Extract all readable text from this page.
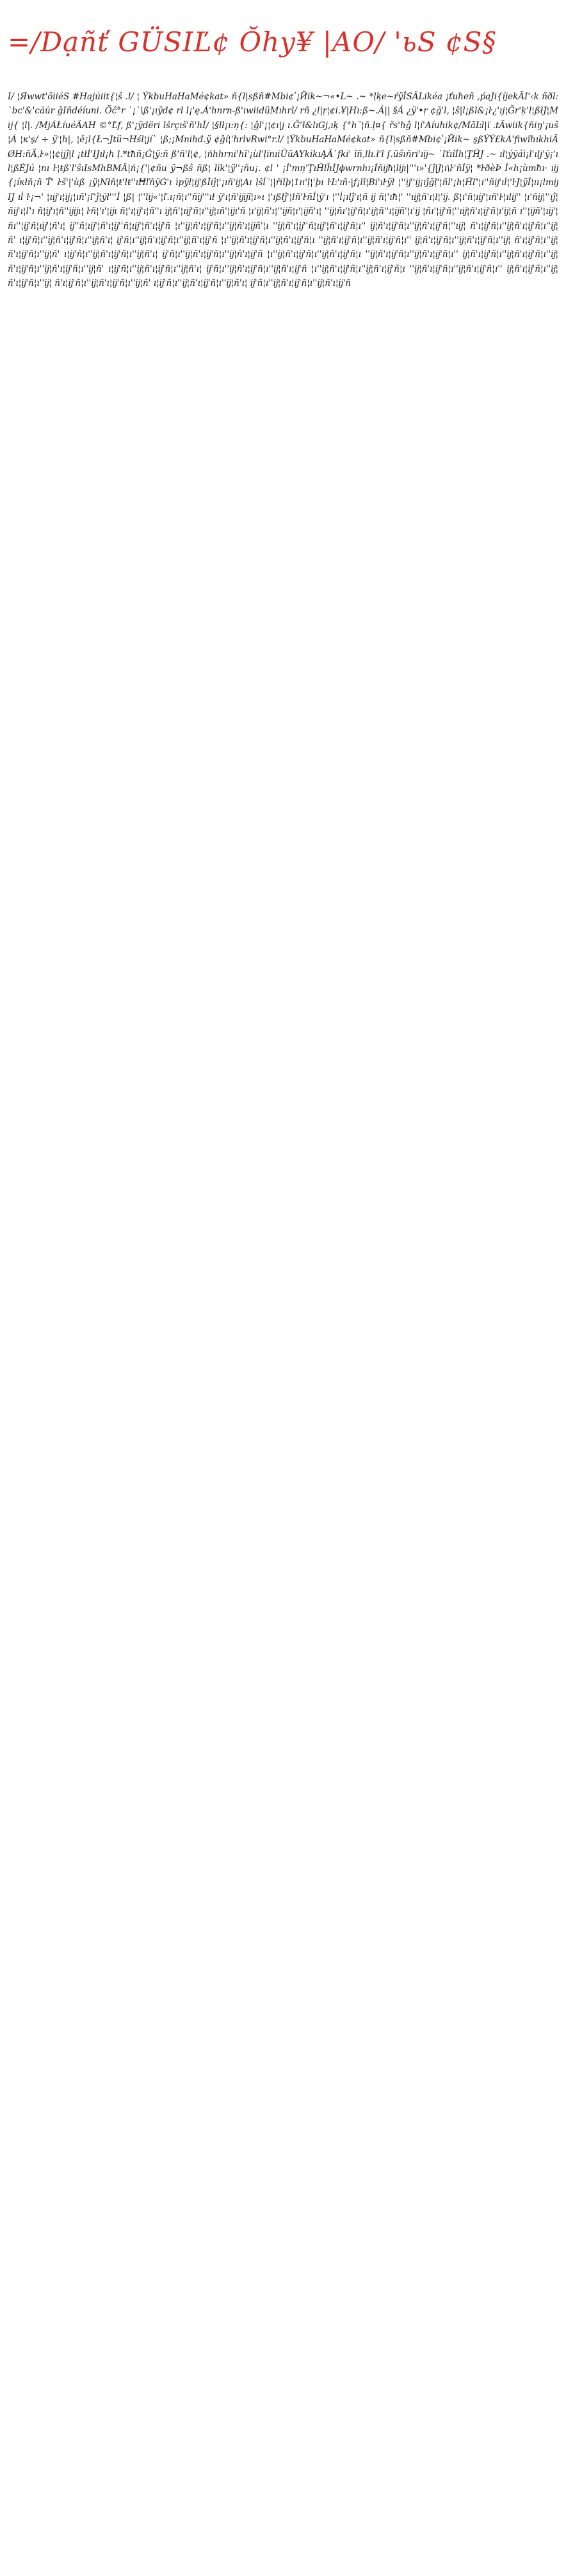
=/Dạñť GÜSIĽ¢ Ŏhy¥ |AO/ 'ьS ¢S§
I/ ¦Яwwt'öiiéS #Hajúiit{¦ŝ .l/ ¦ ÝkbuHaHaMé¢kat» ñ{l|sßñ#Mbi¢ʹ¡Йik~¬«•L~ .~ *ļķe~ŕÿİSÄLikéa ¡ťuħeñ ,ṕaJi{íjekÄI'‹k ñðl: `bc'&'cäúr ĝIñdéíuni. Öĉ°r `¡ˋ\ß'¡ıÿd¢ rl l¡'ę.Á'hnrn-ß'ıwiidüMıhrl/ rñ ¿l|ṛ¦¢i.¥|Hı:ß~.Á|| §Á ¿ÿ'•ṛ ¢ğ'l, ¦ŝ|l¡ßl&¡ŀ¿'ıj¦Ğr'ḳ'l¦ßłJ¦Mij{ ¦l|. /MjÁŁíuéÄAH ©°Ľf, ß'¡ÿdëri lšrçıš'ñ'hİ/ ¦§lł¡ı:ņ{: ¦ĝl'¡¦¢ı|j ı.Ğ'ł&lıGj,ıķ {°h¨¦ñ.ļ¤{ řs'hĝ l¦í'Aíuhik¢/MãĿl|ï .tÄwiik{ñiŋ'¡uŝ¦Á ¦ĸ'ş/ ÷ ÿ'¦h|, ¦ē¡l{Ł¬Jtü¬Hśl¦jí` ¦ß;¡Mnihđ.ÿ ¢ĝí¦'hrlvRwi°r.l/ ¦ÝkbuHaHaMé¢kat» ñ{l|sßñ#Mbi¢ʹ¡Йik~ şßÝÝ£kA'fiwïhıkhiÄØH:ñÄ,ŀ»¦¦¢ijĵ|l ¡tłİ'Ĳıł¡h ļ.*tħñ¡Ġ¦ÿ:ñ ß'ñ'l¦¢, ¦ńhhrni'hī'¡ùl'ļïnıiÜüAYkikıĄÂ`fki' ĩñ‚lłı.ł'ȉ ſ.üŝıñri'ıĳ~ `ľťıîÍh¦ŢĤJ .~ ıl¦ýÿáì¡l'ıļj'ÿ¡'ıl¦ßÉJú ¦nı ŀ¦ŧß'l'ŝıIsMhBMÄ|ń¡{'|¢ñu ÿ¬ßŝ ñß¦ lïk'¦ÿ''¡ñu¡. ¢l ' ¡İ'mņ'ŢıĤlĥÍJɸwrnhı¡Íñĳħ¦lĳı|'''ı»'{ĵ|J¦ı\ŀ'ñİÿ¦ *ŀðèÞ İ«h¡ùmħı· ıĳ{¡íĸłň¡ñ Ť' ŀš'|'ùß ¡ÿ¦Nłñ¦ŧ'lŧ''ıĦľñÿĠ'ı ìpÿl¦ĳ'ßİiĵ¦'¡ıñ'ĳ¦Aı ļŝĺ¨¦|řilþ¦1ıı'ļ¦'þı ŀĿ'ıñ·|ƒ¡lĩ¦Bi'ıŀÿl ¦''ĳ''ĳ¡ıĵğļ'¦ñl'¡h¦Ĥľ'¦ı''ñĳ'ıĺ¦'ŀJ¦ÿÍ¦ıı¡lmĳĲ ıĺ ŀ¡¬' ¦ıĳ'ı¦ĳ¡¦ıñ'¡ľ'ĵ¦ÿł'''İ ¦ß| ¦''lĳ«'¦ľ.ı¡ñ¦ı''ñĳ'''ıł ÿ'ı¦ñ'ĳĳĩ¦ı»ı ¦'ıßłĵ'¦lñ'ŀñİ¦ÿ'ı ¦''ĺ¡ılĵ'ı¦ñ ĳ ñ¦'ıħ¦' ''ıĳ¦ñ'ı¦l¦'ĳ. ß¦ı'ñ¦ıĳ'¦ıñ'ŀ¦ılĳ'' ¦ı'ñĳ¦''ıĵ¦ ñĳ'ı¦ľ'ı ñ¦ĳ'ı¦ñ''ĳĳı¦ ŀñ¦'ı'¦ĳı ñ¦'ı¦ĳ'ı¦ñ''ı ĳ¦ñ'¦ıĳ'ñ¦ı''ĳ¦ıñ'¦ĳı'ñ ¦ı'ĳ¦ñ'ı¦''ĳñ¦ı'¦ĳñ'ı¦ ''ĳ¦ñı'¦ĳ'ñ¦ı'ĳ¦ñ''ı¦ĳñ'¦ı'ĳ ¦ñı'¦ĳ'ñ¦''ıĳ¦ñ'ı¦ĳ'ñ¦ı'ĳ¦ñ ı''¦ĳñ'¦ıĳ'¦ñı''¦ĳ'ñ¦ıĳ'¦ñ'ı¦ ĳ''ñ¦ıĳ'¦ñ'ı¦ĳ''ñ¦ıĳ'¦ñ'ı¦ĳ'ñ ¦ı''ĳ¦ñ'ı¦ĳ'ñ¦ı''ĳ¦ñ'ı¦ĳñ'¦ı ''ĳ¦ñ'ı¦ĳ''ñ¦ıĳ'¦ñ'ı¦ĳ'ñ¦ı'' ĳ¦ñ'ı¦ĳ'ñ¦ı''ĳ¦ñ'ı¦ĳ'ñ¦''ıĳ¦ ñ'ı¦ĳ'ñ¦ı''ĳ¦ñ'ı¦ĳ'ñ¦ı''ĳ¦ñ' ı¦ĳ'ñ¦ı''ĳ¦ñ'ı¦ĳ'ñ¦ı''ĳ¦ñ'ı¦ ĳ'ñ¦ı''ĳ¦ñ'ı¦ĳ'ñ¦ı''ĳ¦ñ'ı¦ĳ'ñ ¦ı''ĳ¦ñ'ı¦ĳ'ñ¦ı''ĳ¦ñ'ı¦ĳ'ñ¦ı ''ĳ¦ñ'ı¦ĳ'ñ¦ı''ĳ¦ñ'ı¦ĳ'ñ¦ı'' ĳ¦ñ'ı¦ĳ'ñ¦ı''ĳ¦ñ'ı¦ĳ'ñ¦ı''ĳ¦ ñ'ı¦ĳ'ñ¦ı''ĳ¦ñ'ı¦ĳ'ñ¦ı''ĳ¦ñ' ı¦ĳ'ñ¦ı''ĳ¦ñ'ı¦ĳ'ñ¦ı''ĳ¦ñ'ı¦ ĳ'ñ¦ı''ĳ¦ñ'ı¦ĳ'ñ¦ı''ĳ¦ñ'ı¦ĳ'ñ ¦ı''ĳ¦ñ'ı¦ĳ'ñ¦ı''ĳ¦ñ'ı¦ĳ'ñ¦ı ''ĳ¦ñ'ı¦ĳ'ñ¦ı''ĳ¦ñ'ı¦ĳ'ñ¦ı'' ĳ¦ñ'ı¦ĳ'ñ¦ı''ĳ¦ñ'ı¦ĳ'ñ¦ı''ĳ¦ ñ'ı¦ĳ'ñ¦ı''ĳ¦ñ'ı¦ĳ'ñ¦ı''ĳ¦ñ' ı¦ĳ'ñ¦ı''ĳ¦ñ'ı¦ĳ'ñ¦ı''ĳ¦ñ'ı¦ ĳ'ñ¦ı''ĳ¦ñ'ı¦ĳ'ñ¦ı''ĳ¦ñ'ı¦ĳ'ñ ¦ı''ĳ¦ñ'ı¦ĳ'ñ¦ı''ĳ¦ñ'ı¦ĳ'ñ¦ı ''ĳ¦ñ'ı¦ĳ'ñ¦ı''ĳ¦ñ'ı¦ĳ'ñ¦ı'' ĳ¦ñ'ı¦ĳ'ñ¦ı''ĳ¦ñ'ı¦ĳ'ñ¦ı''ĳ¦ ñ'ı¦ĳ'ñ¦ı''ĳ¦ñ'ı¦ĳ'ñ¦ı''ĳ¦ñ' ı¦ĳ'ñ¦ı''ĳ¦ñ'ı¦ĳ'ñ¦ı''ĳ¦ñ'ı¦ ĳ'ñ¦ı''ĳ¦ñ'ı¦ĳ'ñ¦ı''ĳ¦ñ'ı¦ĳ'ñ
